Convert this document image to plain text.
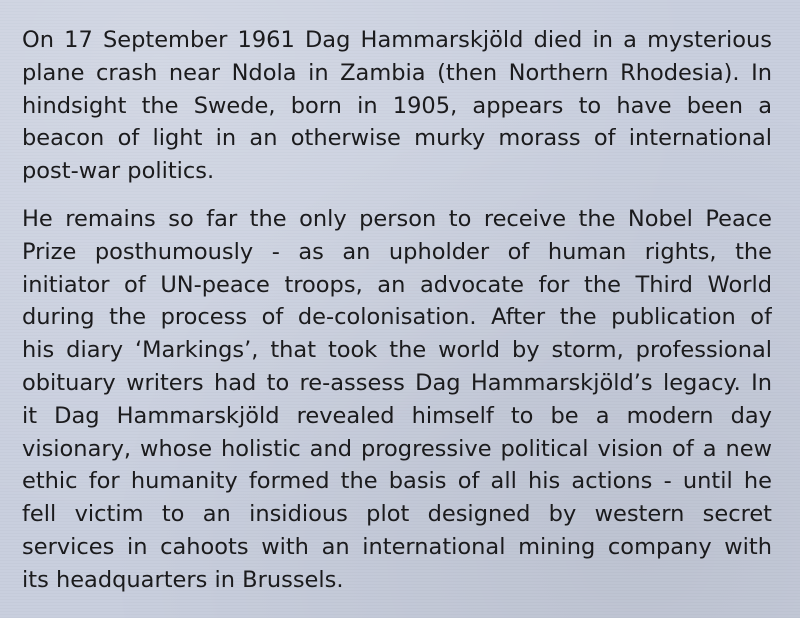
On 17 September 1961 Dag Hammarskjöld died in a mysterious
plane crash near Ndola in Zambia (then Northern Rhodesia). In
hindsight the Swede, born in 1905, appears to have been a
beacon of light in an otherwise murky morass of international
post-war politics.

He remains so far the only person to receive the Nobel Peace
Prize posthumously - as an upholder of human rights, the
initiator of UN-peace troops, an advocate for the Third World
during the process of de-colonisation. After the publication of
his diary ‘Markings’, that took the world by storm, professional
obituary writers had to re-assess Dag Hammarskjöld’s legacy. In
it Dag Hammarskjöld revealed himself to be a modern day
visionary, whose holistic and progressive political vision of a new
ethic for humanity formed the basis of all his actions - until he
fell victim to an insidious plot designed by western secret
services in cahoots with an international mining company with
its headquarters in Brussels.
